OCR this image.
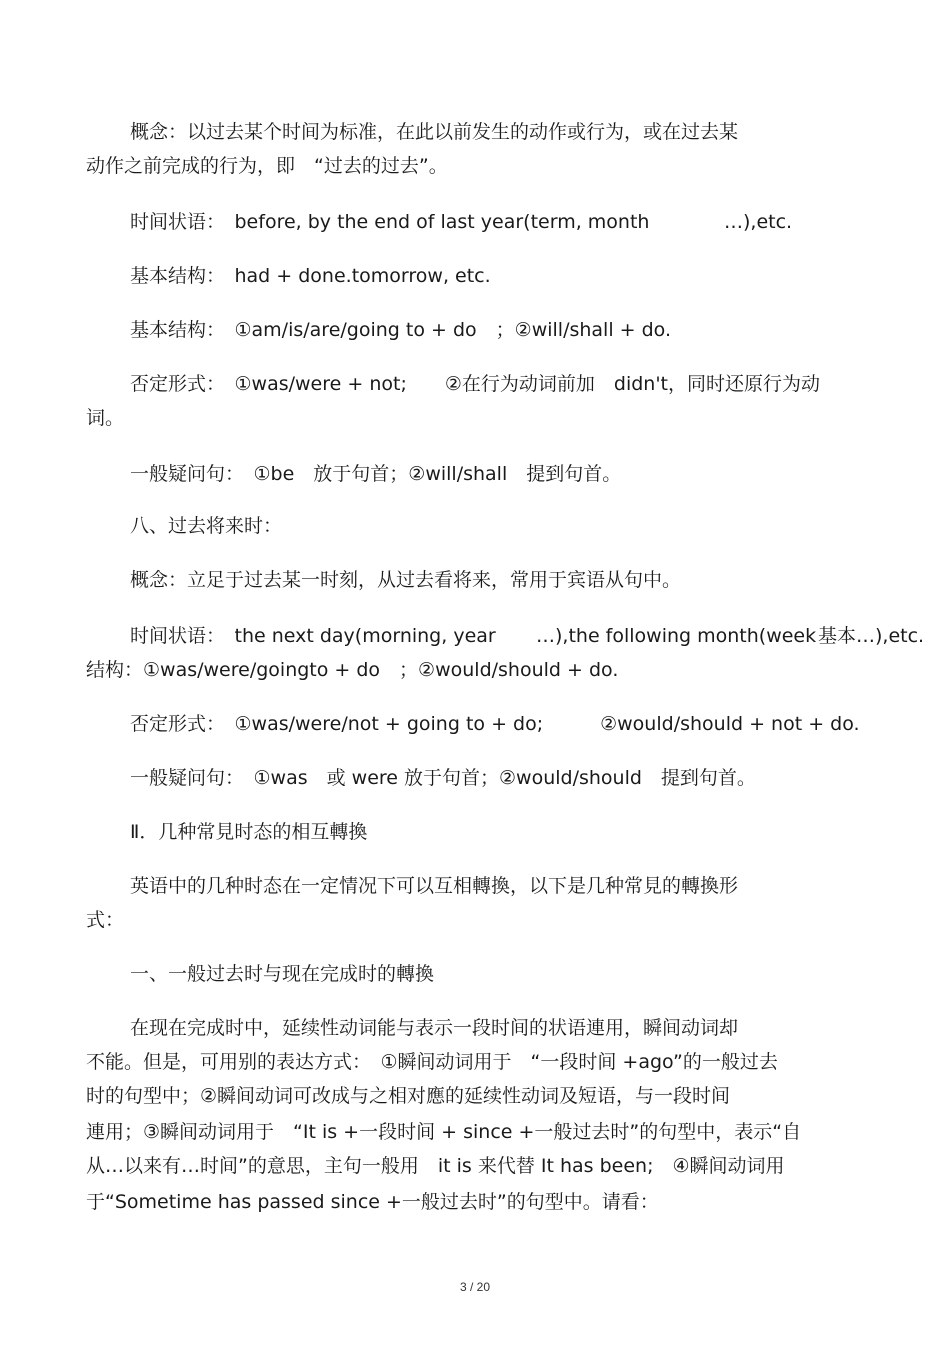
概念：以过去某个时间为标准，在此以前发生的动作或行为，或在过去某
动作之前完成的行为，即　“过去的过去”。
时间状语：　before, by the end of last year(term, month	…),etc.
基本结构：　had + done.tomorrow, etc.
基本结构：　①am/is/are/going to + do　；②will/shall + do.
否定形式：　①was/were + not;　　②在行为动词前加　didn't，同时还原行为动
词。
一般疑问句：　①be　放于句首；②will/shall　提到句首。
八、过去将来时：
概念：立足于过去某一时刻，从过去看将来，常用于宾语从句中。
时间状语：　the next day(morning, year …),the following month(week 基本…),etc.
结构：①was/were/goingto + do　；②would/should + do.
否定形式：　①was/were/not + going to + do;　　　②would/should + not + do.
一般疑问句：　①was　或 were 放于句首；②would/should　提到句首。
Ⅱ．几种常見时态的相互轉換
英语中的几种时态在一定情况下可以互相轉換，以下是几种常見的轉換形
式：
一、一般过去时与现在完成时的轉換
在现在完成时中，延续性动词能与表示一段时间的状语連用，瞬间动词却
不能。但是，可用别的表达方式：　①瞬间动词用于　“一段时间 +ago”的一般过去
时的句型中；②瞬间动词可改成与之相对應的延续性动词及短语，与一段时间
連用；③瞬间动词用于　“It is +一段时间 + since +一般过去时”的句型中，表示“自
从…以来有…时间”的意思，主句一般用　it is 来代替 It has been;　④瞬间动词用
于“Sometime has passed since +一般过去时”的句型中。请看：
3 / 20
